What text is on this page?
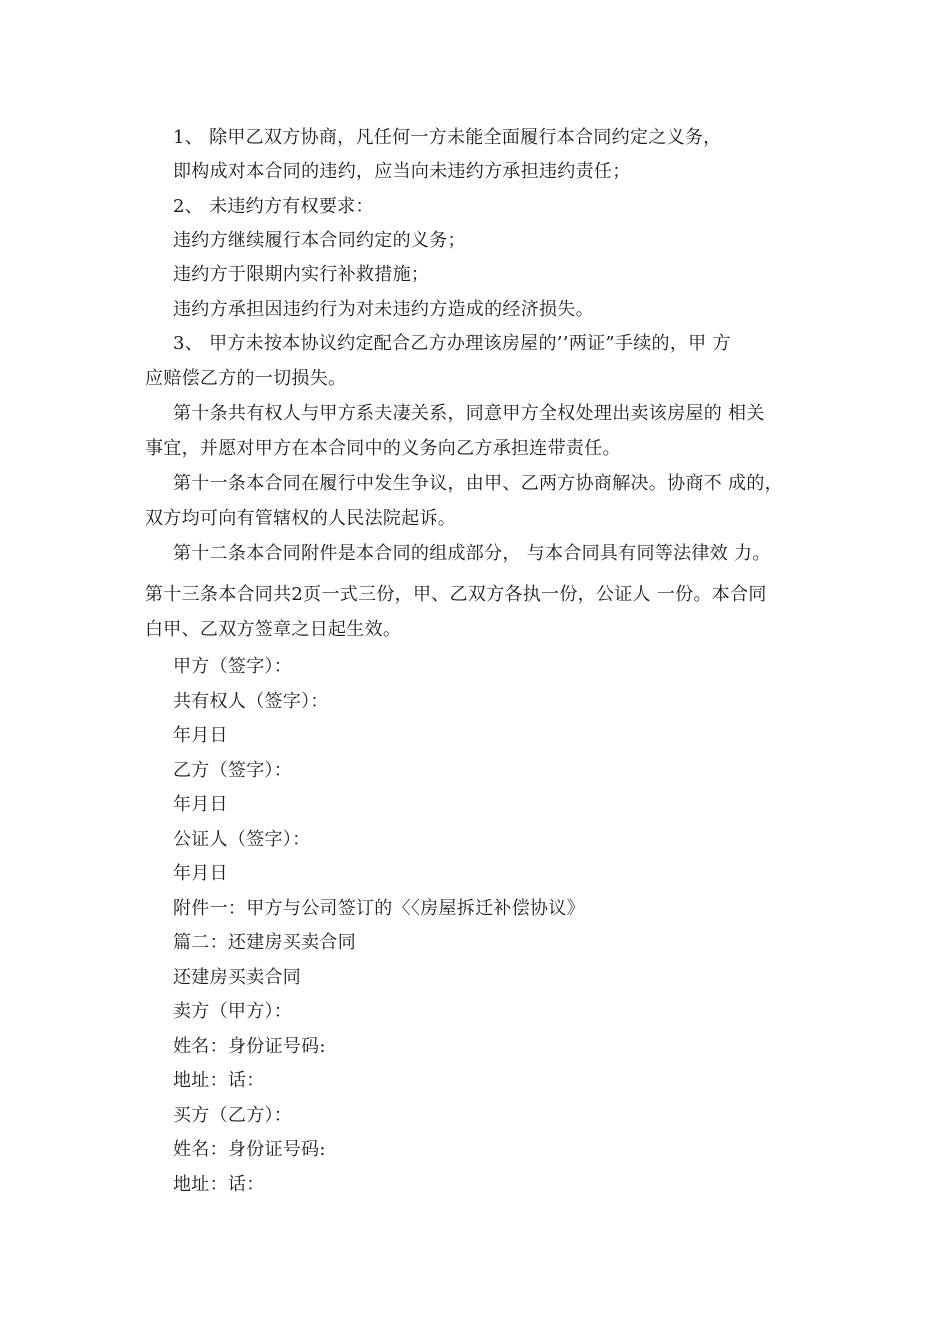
1、 除甲乙双方协商，凡任何一方未能全面履行本合同约定之义务，
即构成对本合同的违约，应当向未违约方承担违约责任；
2、 未违约方有权要求：
违约方继续履行本合同约定的义务；
违约方于限期内实行补救措施；
违约方承担因违约行为对未违约方造成的经济损失。
3、 甲方未按本协议约定配合乙方办理该房屋的’’两证”手续的，甲 方
应赔偿乙方的一切损失。
第十条共有权人与甲方系夫凄关系，同意甲方全权处理出卖该房屋的 相关
事宜，并愿对甲方在本合同中的义务向乙方承担连带责任。
第十一条本合同在履行中发生争议，由甲、乙两方协商解决。协商不 成的，
双方均可向有管辖权的人民法院起诉。
第十二条本合同附件是本合同的组成部分， 与本合同具有同等法律效 力。
第十三条本合同共2页一式三份，甲、乙双方各执一份，公证人 一份。本合同
白甲、乙双方签章之日起生效。
甲方（签字）：
共有权人（签字）：
年月日
乙方（签字）：
年月日
公证人（签字）：
年月日
附件一：甲方与公司签订的〈〈房屋拆迁补偿协议》
篇二：还建房买卖合同
还建房买卖合同
卖方（甲方）：
姓名：身份证号码:
地址：话：
买方（乙方）：
姓名：身份证号码:
地址：话：
